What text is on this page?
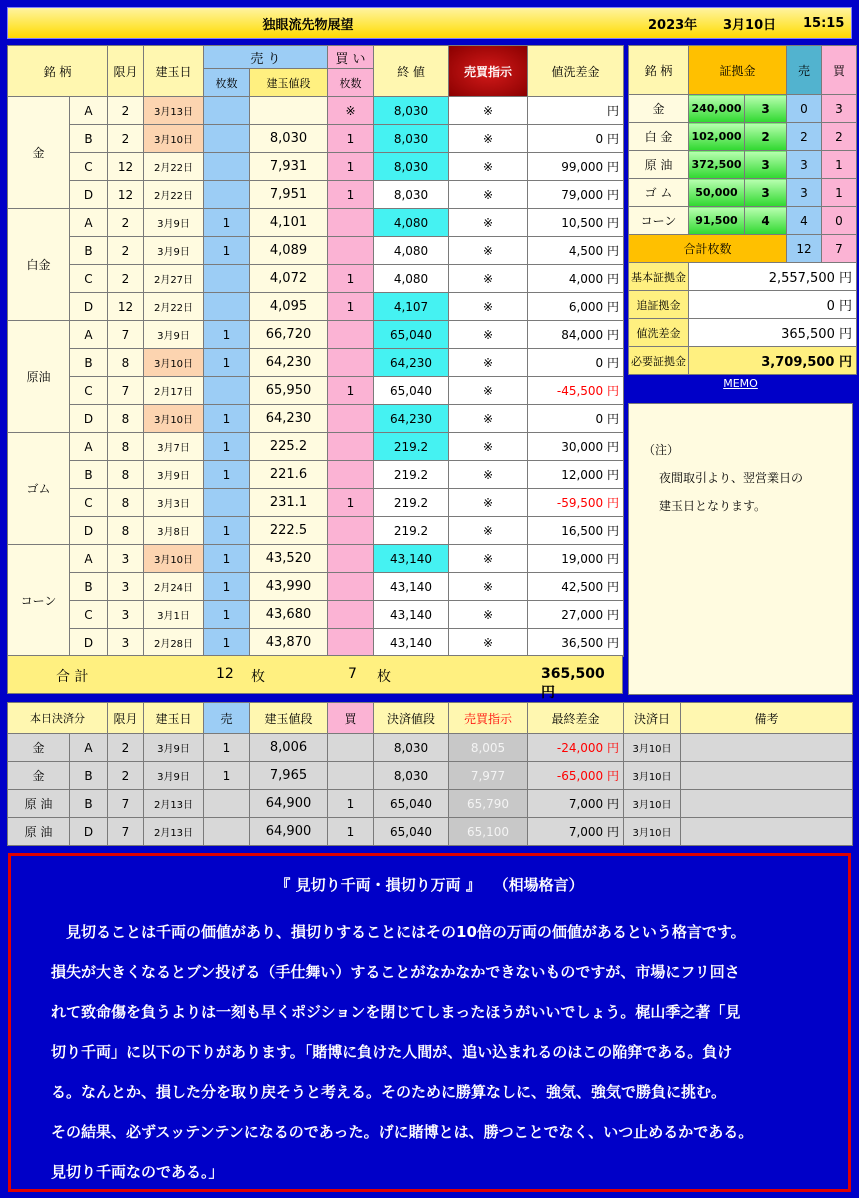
独眼流先物展望	2023年 3月10日 15:15
銘 柄		限月	建玉日	売 り		買 い	終 値	売買指示	値洗差金
				枚数	建玉値段	枚数			
金	A	2	3月13日			※	8,030	※	円
	B	2	3月10日		8,030	1	8,030	※	0 円
	C	12	2月22日		7,931	1	8,030	※	99,000 円
	D	12	2月22日		7,951	1	8,030	※	79,000 円
白金	A	2	3月9日	1	4,101		4,080	※	10,500 円
	B	2	3月9日	1	4,089		4,080	※	4,500 円
	C	2	2月27日		4,072	1	4,080	※	4,000 円
	D	12	2月22日		4,095	1	4,107	※	6,000 円
原油	A	7	3月9日	1	66,720		65,040	※	84,000 円
	B	8	3月10日	1	64,230		64,230	※	0 円
	C	7	2月17日		65,950	1	65,040	※	-45,500 円
	D	8	3月10日	1	64,230		64,230	※	0 円
ゴム	A	8	3月7日	1	225.2		219.2	※	30,000 円
	B	8	3月9日	1	221.6		219.2	※	12,000 円
	C	8	3月3日		231.1	1	219.2	※	-59,500 円
	D	8	3月8日	1	222.5		219.2	※	16,500 円
コーン	A	3	3月10日	1	43,520		43,140	※	19,000 円
	B	3	2月24日	1	43,990		43,140	※	42,500 円
	C	3	3月1日	1	43,680		43,140	※	27,000 円
	D	3	2月28日	1	43,870		43,140	※	36,500 円
合 計	12 枚	7 枚	365,500 円
銘 柄	証拠金		売	買
金	240,000	3	0	3
白 金	102,000	2	2	2
原 油	372,500	3	3	1
ゴ ム	50,000	3	3	1
コーン	91,500	4	4	0
合計枚数			12	7
基本証拠金	2,557,500 円			
追証拠金	0 円			
値洗差金	365,500 円			
必要証拠金	3,709,500 円			
MEMO
（注）
夜間取引より、翌営業日の
建玉日となります。
本日決済分		限月	建玉日	売	建玉値段	買	決済値段	売買指示	最終差金	決済日	備考
金	A	2	3月9日	1	8,006		8,030	8,005	-24,000 円	3月10日	
金	B	2	3月9日	1	7,965		8,030	7,977	-65,000 円	3月10日	
原 油	B	7	2月13日		64,900	1	65,040	65,790	7,000 円	3月10日	
原 油	D	7	2月13日		64,900	1	65,040	65,100	7,000 円	3月10日	
『 見切り千両・損切り万両 』　 （相場格言）

　見切ることは千両の価値があり、損切りすることにはその10倍の万両の価値があるという格言です。

損失が大きくなるとブン投げる（手仕舞い）することがなかなかできないものですが、市場にフリ回さ

れて致命傷を負うよりは一刻も早くポジションを閉じてしまったほうがいいでしょう。梶山季之著「見

切り千両」に以下の下りがあります。「賭博に負けた人間が、追い込まれるのはこの陥穽である。負け

る。なんとか、損した分を取り戻そうと考える。そのために勝算なしに、強気、強気で勝負に挑む。

その結果、必ずスッテンテンになるのであった。げに賭博とは、勝つことでなく、いつ止めるかである。

見切り千両なのである。」
